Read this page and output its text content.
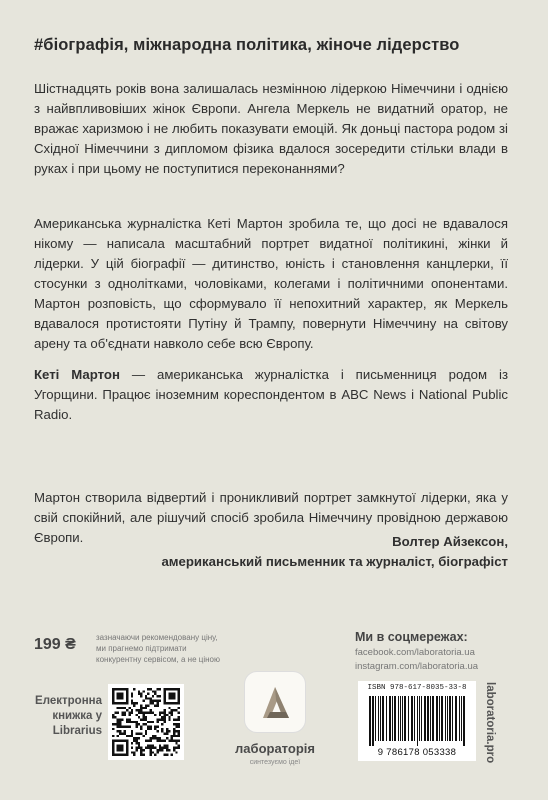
#біографія, міжнародна політика, жіноче лідерство
Шістнадцять років вона залишалась незмінною лідеркою Німеччини і однією з найвпливовіших жінок Європи. Ангела Меркель не видатний оратор, не вражає харизмою і не любить показувати емоцій. Як доньці пастора родом зі Східної Німеччини з дипломом фізика вдалося зосередити стільки влади в руках і при цьому не поступитися переконаннями?
Американська журналістка Кеті Мартон зробила те, що досі не вдавалося нікому — написала масштабний портрет видатної політикині, жінки й лідерки. У цій біографії — дитинство, юність і становлення канцлерки, її стосунки з однолітками, чоловіками, колегами і політичними опонентами. Мартон розповість, що сформувало її непохитний характер, як Меркель вдавалося протистояти Путіну й Трампу, повернути Німеччину на світову арену та об'єднати навколо себе всю Європу.
Кеті Мартон — американська журналістка і письменниця родом із Угорщини. Працює іноземним кореспондентом в ABC News і National Public Radio.
Мартон створила відвертий і проникливий портрет замкнутої лідерки, яка у свій спокійний, але рішучий спосіб зробила Німеччину провідною державою Європи.	Волтер Айзексон,
американський письменник та журналіст, біографіст
199 ₴	зазначаючи рекомендовану ціну, ми прагнемо підтримати конкурентну сервісом, а не ціною
Ми в соцмережах:
facebook.com/laboratoria.ua
instagram.com/laboratoria.ua
Електронна книжка у Librarius
лабораторія
синтезуємо ідеї
ISBN 978-617-8035-33-8
9 786178 053338	laboratoria.pro
